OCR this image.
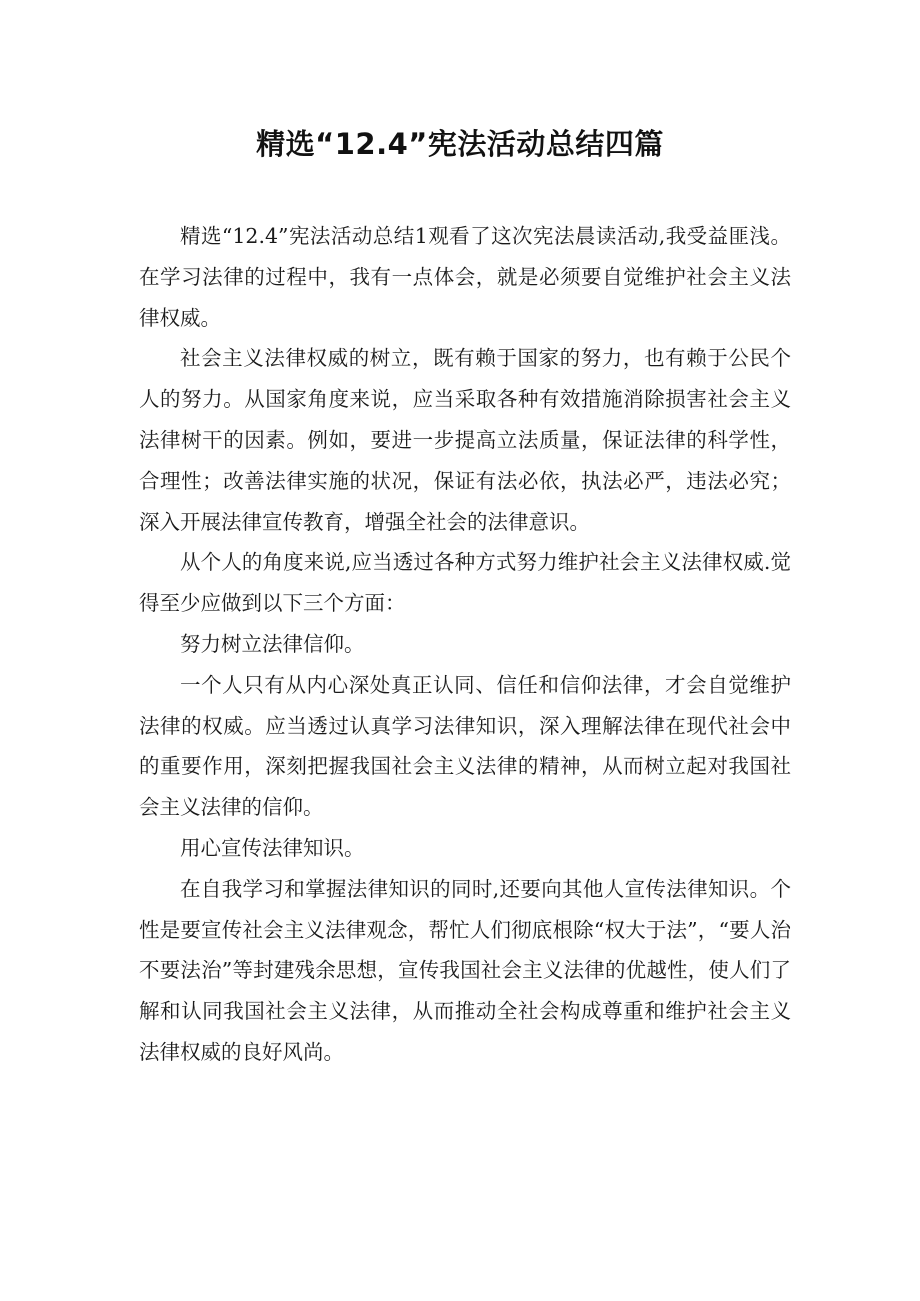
精选“12.4”宪法活动总结四篇

精选“12.4”宪法活动总结1观看了这次宪法晨读活动,我受益匪浅。在学习法律的过程中，我有一点体会，就是必须要自觉维护社会主义法律权威。

社会主义法律权威的树立，既有赖于国家的努力，也有赖于公民个人的努力。从国家角度来说，应当采取各种有效措施消除损害社会主义法律树干的因素。例如，要进一步提高立法质量，保证法律的科学性，合理性；改善法律实施的状况，保证有法必依，执法必严，违法必究；深入开展法律宣传教育，增强全社会的法律意识。

从个人的角度来说,应当透过各种方式努力维护社会主义法律权威.觉得至少应做到以下三个方面：

努力树立法律信仰。

一个人只有从内心深处真正认同、信任和信仰法律，才会自觉维护法律的权威。应当透过认真学习法律知识，深入理解法律在现代社会中的重要作用，深刻把握我国社会主义法律的精神，从而树立起对我国社会主义法律的信仰。

用心宣传法律知识。

在自我学习和掌握法律知识的同时,还要向其他人宣传法律知识。个性是要宣传社会主义法律观念，帮忙人们彻底根除“权大于法”，“要人治不要法治”等封建残余思想，宣传我国社会主义法律的优越性，使人们了解和认同我国社会主义法律，从而推动全社会构成尊重和维护社会主义法律权威的良好风尚。
